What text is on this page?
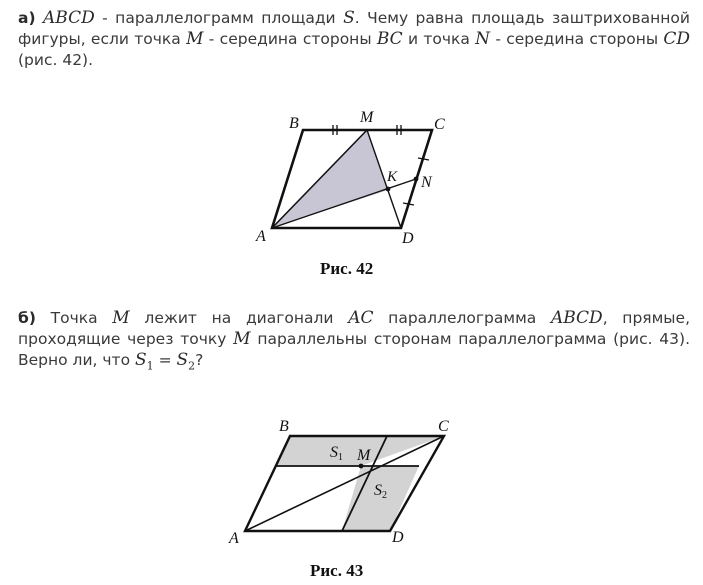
а) ABCD - параллелограмм площади S. Чему равна площадь заштрихованной фигуры, если точка M - середина стороны BC и точка N - середина стороны CD (рис. 42).
B	M	C
K N
A	D
B	C
A	D
M
S1
S2
Рис. 42
б) Точка M лежит на диагонали AC параллелограмма ABCD, прямые, проходящие через точку M параллельны сторонам параллелограмма (рис. 43). Верно ли, что $S_1 = S_2$?
Рис. 43
